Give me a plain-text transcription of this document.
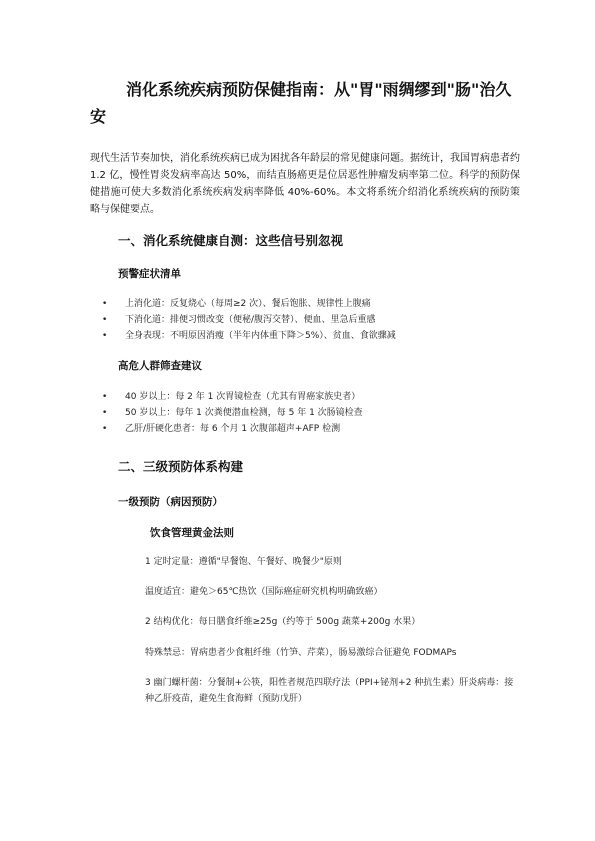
消化系统疾病预防保健指南：从"胃"雨绸缪到"肠"治久安

现代生活节奏加快，消化系统疾病已成为困扰各年龄层的常见健康问题。据统计，我国胃病患者约 1.2 亿，慢性胃炎发病率高达 50%，而结直肠癌更是位居恶性肿瘤发病率第二位。科学的预防保健措施可使大多数消化系统疾病发病率降低 40%-60%。本文将系统介绍消化系统疾病的预防策略与保健要点。

一、消化系统健康自测：这些信号别忽视
预警症状清单
• 上消化道：反复烧心（每周≥2 次）、餐后饱胀、规律性上腹痛
• 下消化道：排便习惯改变（便秘/腹泻交替）、便血、里急后重感
• 全身表现：不明原因消瘦（半年内体重下降＞5%）、贫血、食欲骤减
高危人群筛查建议
• 40 岁以上：每 2 年 1 次胃镜检查（尤其有胃癌家族史者）
• 50 岁以上：每年 1 次粪便潜血检测，每 5 年 1 次肠镜检查
• 乙肝/肝硬化患者：每 6 个月 1 次腹部超声+AFP 检测
二、三级预防体系构建
一级预防（病因预防）
饮食管理黄金法则

1 定时定量：遵循"早餐饱、午餐好、晚餐少"原则

温度适宜：避免＞65℃热饮（国际癌症研究机构明确致癌）

2 结构优化：每日膳食纤维≥25g（约等于 500g 蔬菜+200g 水果）

特殊禁忌：胃病患者少食粗纤维（竹笋、芹菜），肠易激综合征避免 FODMAPs

3 幽门螺杆菌：分餐制+公筷，阳性者规范四联疗法（PPI+铋剂+2 种抗生素）肝炎病毒：接种乙肝疫苗，避免生食海鲜（预防戊肝）
